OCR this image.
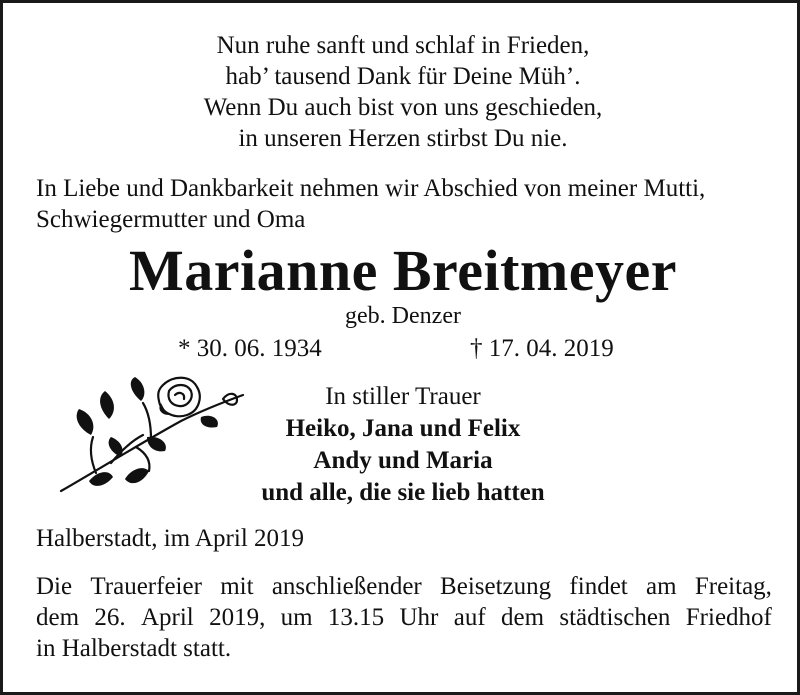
Nun ruhe sanft und schlaf in Frieden,
hab’ tausend Dank für Deine Müh’.
Wenn Du auch bist von uns geschieden,
in unseren Herzen stirbst Du nie.
In Liebe und Dankbarkeit nehmen wir Abschied von meiner Mutti,
Schwiegermutter und Oma
Marianne Breitmeyer
geb. Denzer
* 30. 06. 1934	† 17. 04. 2019
In stiller Trauer
Heiko, Jana und Felix
Andy und Maria
und alle, die sie lieb hatten
Halberstadt, im April 2019
Die Trauerfeier mit anschließender Beisetzung findet am Freitag,
dem 26. April 2019, um 13.15 Uhr auf dem städtischen Friedhof
in Halberstadt statt.
